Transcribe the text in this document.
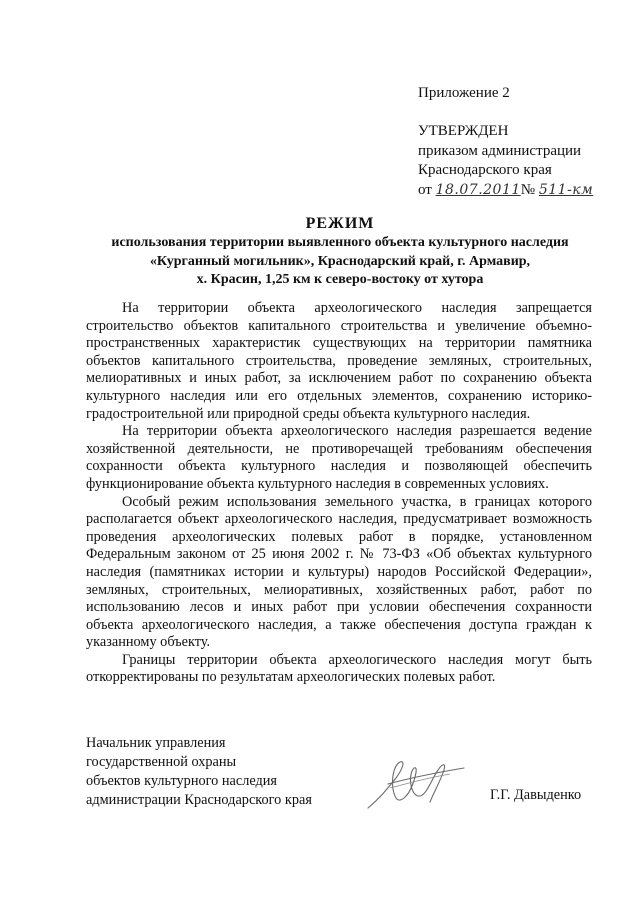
Приложение 2
УТВЕРЖДЕН
приказом администрации
Краснодарского края
от 18.07.2011№ 511-км
РЕЖИМ
использования территории выявленного объекта культурного наследия
«Курганный могильник», Краснодарский край, г. Армавир,
х. Красин, 1,25 км к северо-востоку от хутора

На территории объекта археологического наследия запрещается строительство объектов капитального строительства и увеличение объемно-пространственных характеристик существующих на территории памятника объектов капитального строительства, проведение земляных, строительных, мелиоративных и иных работ, за исключением работ по сохранению объекта культурного наследия или его отдельных элементов, сохранению историко-градостроительной или природной среды объекта культурного наследия.

На территории объекта археологического наследия разрешается ведение хозяйственной деятельности, не противоречащей требованиям обеспечения сохранности объекта культурного наследия и позволяющей обеспечить функционирование объекта культурного наследия в современных условиях.

Особый режим использования земельного участка, в границах которого располагается объект археологического наследия, предусматривает возможность проведения археологических полевых работ в порядке, установленном Федеральным законом от 25 июня 2002 г. № 73-ФЗ «Об объектах культурного наследия (памятниках истории и культуры) народов Российской Федерации», земляных, строительных, мелиоративных, хозяйственных работ, работ по использованию лесов и иных работ при условии обеспечения сохранности объекта археологического наследия, а также обеспечения доступа граждан к указанному объекту.

Границы территории объекта археологического наследия могут быть откорректированы по результатам археологических полевых работ.

Начальник управления
государственной охраны
объектов культурного наследия
администрации Краснодарского края	Г.Г. Давыденко
